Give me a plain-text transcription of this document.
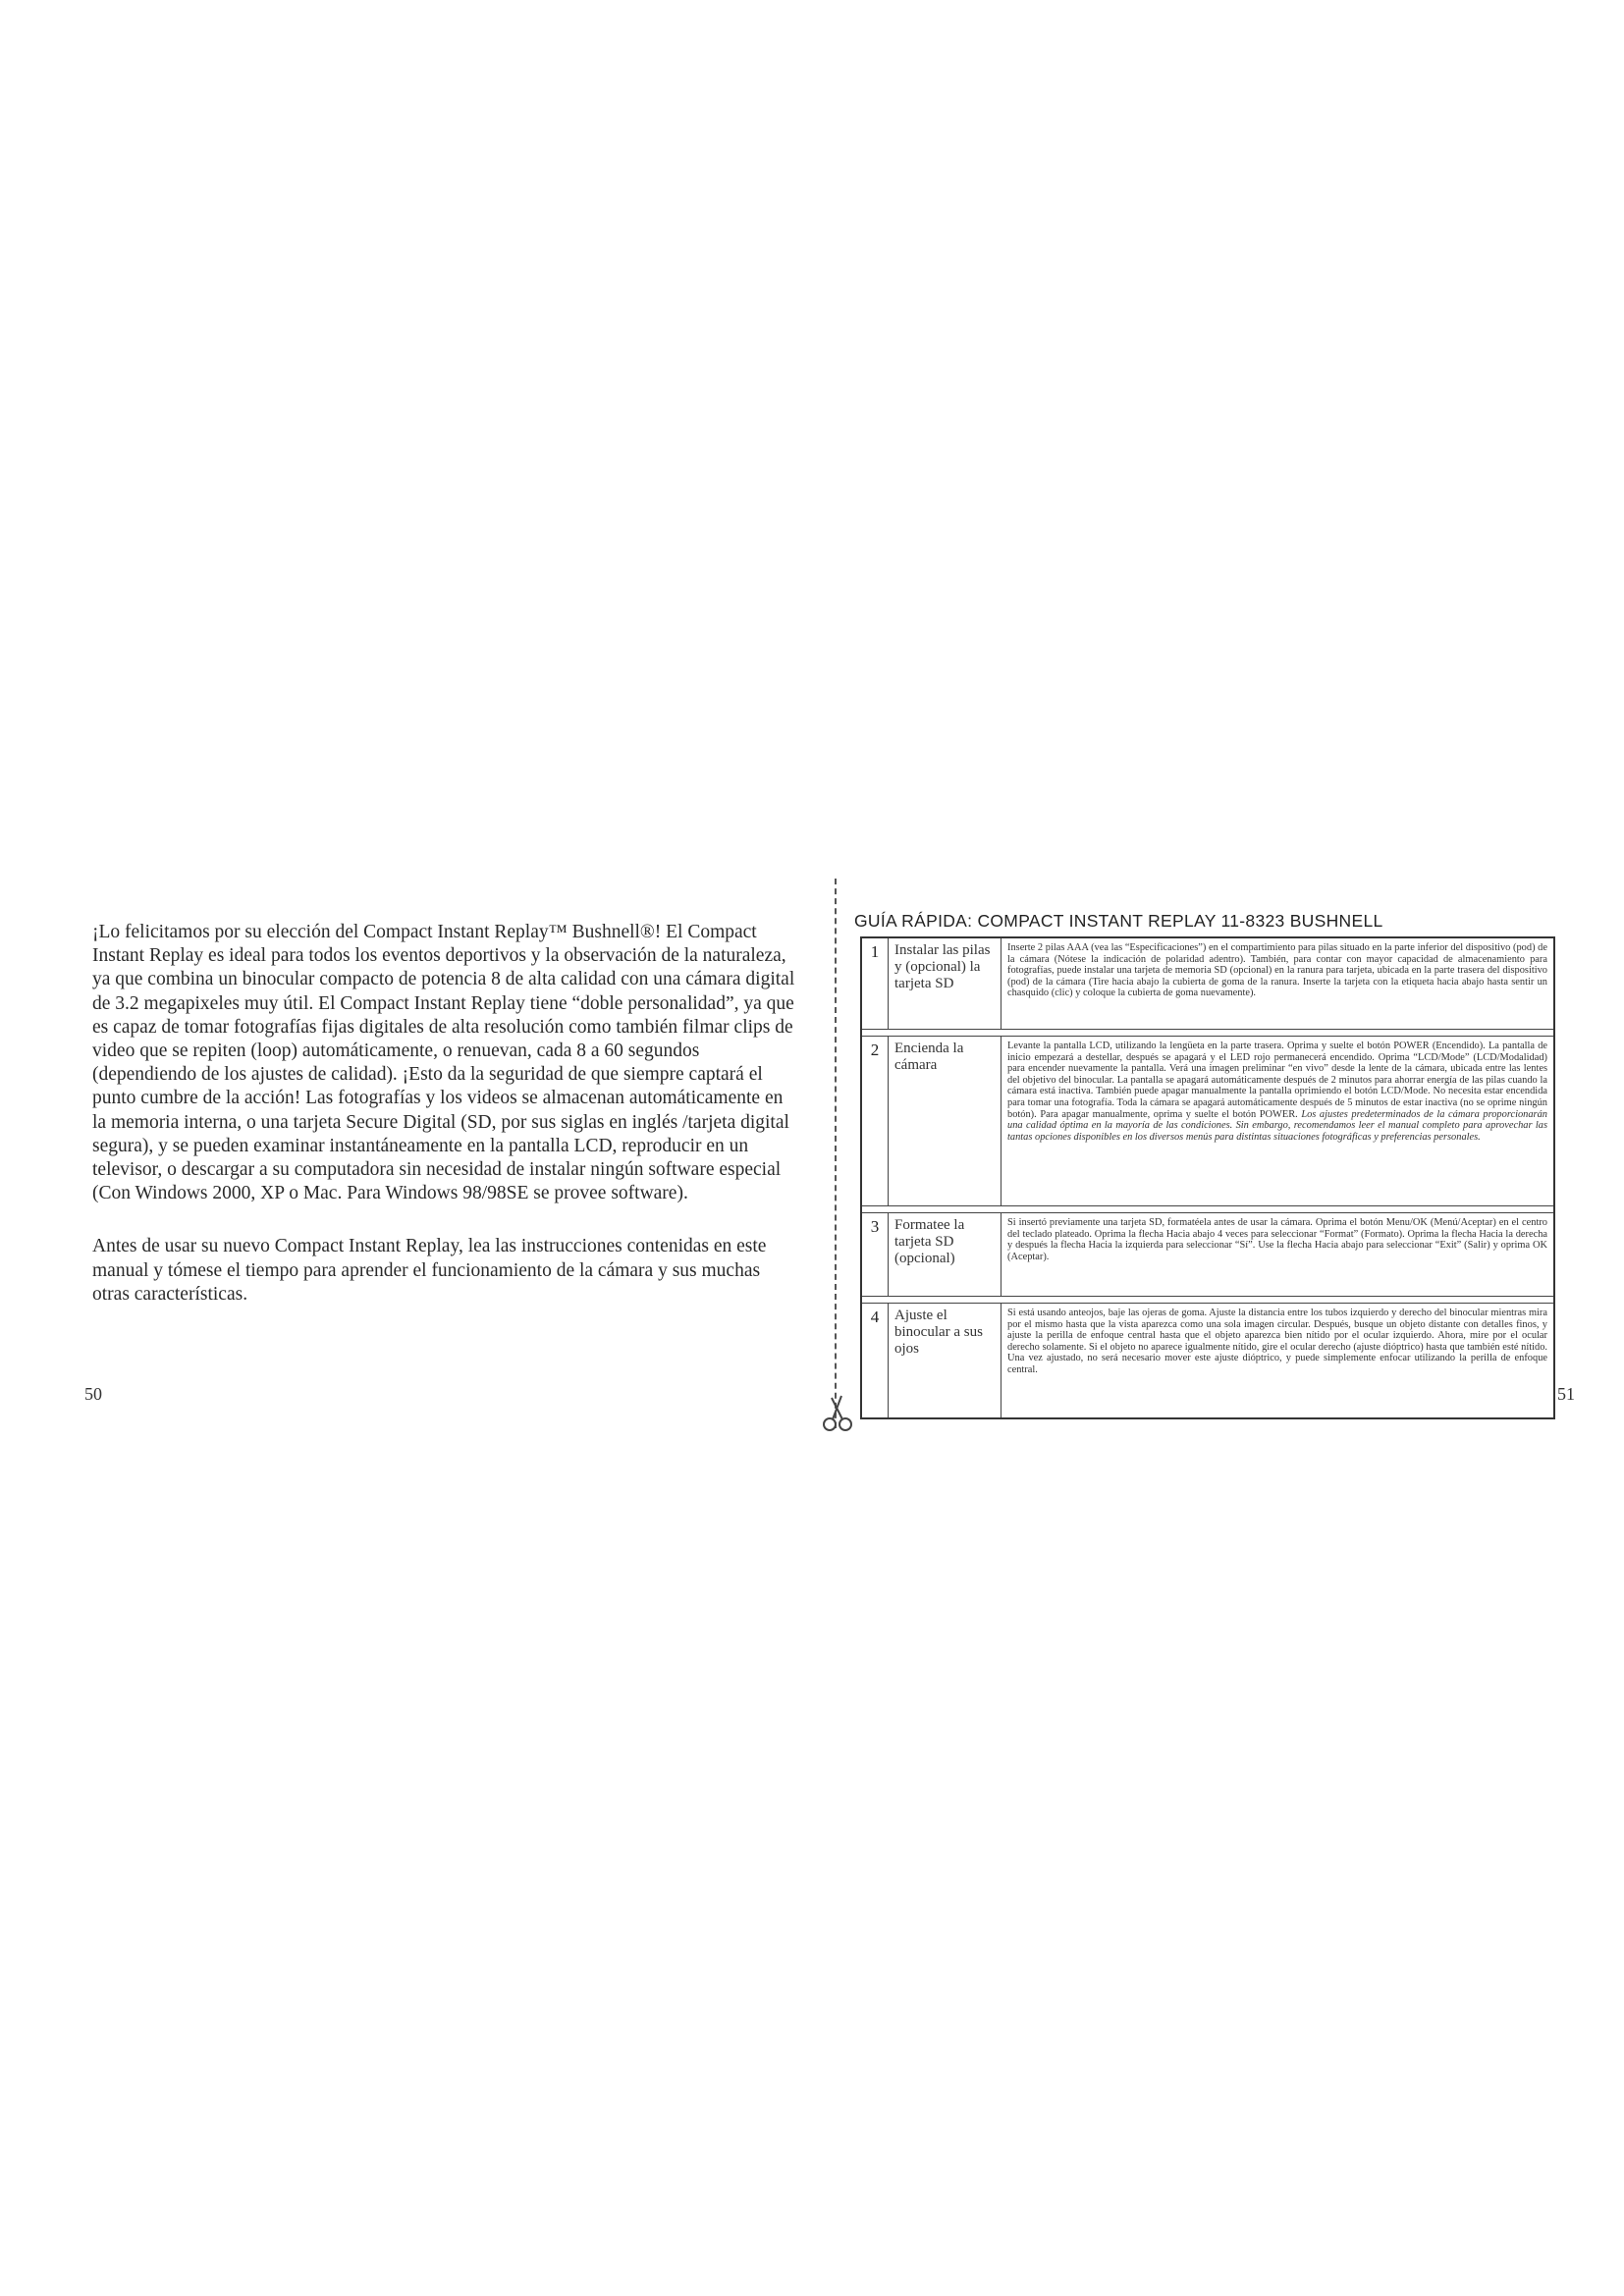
¡Lo felicitamos por su elección del Compact Instant Replay™ Bushnell®! El Compact Instant Replay es ideal para todos los eventos deportivos y la observación de la naturaleza, ya que combina un binocular compacto de potencia 8 de alta calidad con una cámara digital de 3.2 megapixeles muy útil. El Compact Instant Replay tiene “doble personalidad”, ya que es capaz de tomar fotografías fijas digitales de alta resolución como también filmar clips de video que se repiten (loop) automáticamente, o renuevan, cada 8 a 60 segundos (dependiendo de los ajustes de calidad). ¡Esto da la seguridad de que siempre captará el punto cumbre de la acción! Las fotografías y los videos se almacenan automáticamente en la memoria interna, o una tarjeta Secure Digital (SD, por sus siglas en inglés /tarjeta digital segura), y se pueden examinar instantáneamente en la pantalla LCD, reproducir en un televisor, o descargar a su computadora sin necesidad de instalar ningún software especial (Con Windows 2000, XP o Mac. Para Windows 98/98SE se provee software).

Antes de usar su nuevo Compact Instant Replay, lea las instrucciones contenidas en este manual y tómese el tiempo para aprender el funcionamiento de la cámara y sus muchas otras características.

50
GUÍA RÁPIDA: COMPACT INSTANT REPLAY 11-8323 BUSHNELL
1	Instalar las pilas y (opcional) la tarjeta SD	Inserte 2 pilas AAA (vea las “Especificaciones”) en el compartimiento para pilas situado en la parte inferior del dispositivo (pod) de la cámara (Nótese la indicación de polaridad adentro). También, para contar con mayor capacidad de almacenamiento para fotografías, puede instalar una tarjeta de memoria SD (opcional) en la ranura para tarjeta, ubicada en la parte trasera del dispositivo (pod) de la cámara (Tire hacia abajo la cubierta de goma de la ranura. Inserte la tarjeta con la etiqueta hacia abajo hasta sentir un chasquido (clic) y coloque la cubierta de goma nuevamente).

2	Encienda la cámara	Levante la pantalla LCD, utilizando la lengüeta en la parte trasera. Oprima y suelte el botón POWER (Encendido). La pantalla de inicio empezará a destellar, después se apagará y el LED rojo permanecerá encendido. Oprima “LCD/Mode” (LCD/Modalidad) para encender nuevamente la pantalla. Verá una imagen preliminar “en vivo” desde la lente de la cámara, ubicada entre las lentes del objetivo del binocular. La pantalla se apagará automáticamente después de 2 minutos para ahorrar energía de las pilas cuando la cámara está inactiva. También puede apagar manualmente la pantalla oprimiendo el botón LCD/Mode. No necesita estar encendida para tomar una fotografía. Toda la cámara se apagará automáticamente después de 5 minutos de estar inactiva (no se oprime ningún botón). Para apagar manualmente, oprima y suelte el botón POWER. Los ajustes predeterminados de la cámara proporcionarán una calidad óptima en la mayoría de las condiciones. Sin embargo, recomendamos leer el manual completo para aprovechar las tantas opciones disponibles en los diversos menús para distintas situaciones fotográficas y preferencias personales.

3	Formatee la tarjeta SD (opcional)	Si insertó previamente una tarjeta SD, formatéela antes de usar la cámara. Oprima el botón Menu/OK (Menú/Aceptar) en el centro del teclado plateado. Oprima la flecha Hacia abajo 4 veces para seleccionar “Format” (Formato). Oprima la flecha Hacia la derecha y después la flecha Hacia la izquierda para seleccionar “Sí”. Use la flecha Hacia abajo para seleccionar “Exit” (Salir) y oprima OK (Aceptar).

4	Ajuste el binocular a sus ojos	Si está usando anteojos, baje las ojeras de goma. Ajuste la distancia entre los tubos izquierdo y derecho del binocular mientras mira por el mismo hasta que la vista aparezca como una sola imagen circular. Después, busque un objeto distante con detalles finos, y ajuste la perilla de enfoque central hasta que el objeto aparezca bien nítido por el ocular izquierdo. Ahora, mire por el ocular derecho solamente. Si el objeto no aparece igualmente nítido, gire el ocular derecho (ajuste dióptrico) hasta que también esté nítido. Una vez ajustado, no será necesario mover este ajuste dióptrico, y puede simplemente enfocar utilizando la perilla de enfoque central.
51
